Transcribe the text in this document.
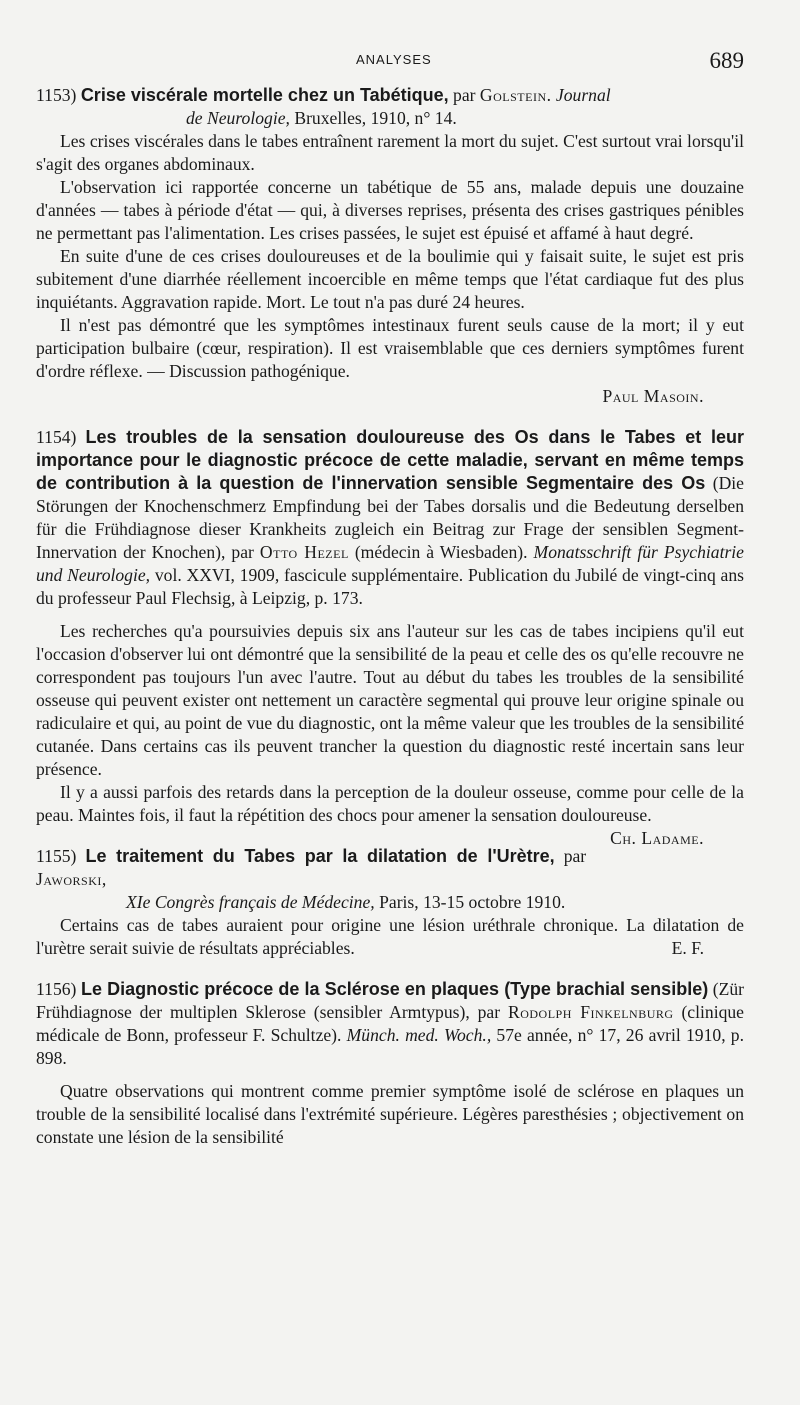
ANALYSES	689
1153) Crise viscérale mortelle chez un Tabétique, par Golstein. Journal
de Neurologie, Bruxelles, 1910, n° 14.

Les crises viscérales dans le tabes entraînent rarement la mort du sujet. C'est surtout vrai lorsqu'il s'agit des organes abdominaux.

L'observation ici rapportée concerne un tabétique de 55 ans, malade depuis une douzaine d'années — tabes à période d'état — qui, à diverses reprises, présenta des crises gastriques pénibles ne permettant pas l'alimentation. Les crises passées, le sujet est épuisé et affamé à haut degré.

En suite d'une de ces crises douloureuses et de la boulimie qui y faisait suite, le sujet est pris subitement d'une diarrhée réellement incoercible en même temps que l'état cardiaque fut des plus inquiétants. Aggravation rapide. Mort. Le tout n'a pas duré 24 heures.

Il n'est pas démontré que les symptômes intestinaux furent seuls cause de la mort; il y eut participation bulbaire (cœur, respiration). Il est vraisemblable que ces derniers symptômes furent d'ordre réflexe. — Discussion pathogénique.

Paul Masoin.
1154) Les troubles de la sensation douloureuse des Os dans le Tabes et leur importance pour le diagnostic précoce de cette maladie, servant en même temps de contribution à la question de l'innervation sensible Segmentaire des Os (Die Störungen der Knochenschmerz Empfindung bei der Tabes dorsalis und die Bedeutung derselben für die Frühdiagnose dieser Krankheits zugleich ein Beitrag zur Frage der sensiblen Segment-Innervation der Knochen), par Otto Hezel (médecin à Wiesbaden). Monatsschrift für Psychiatrie und Neurologie, vol. XXVI, 1909, fascicule supplémentaire. Publication du Jubilé de vingt-cinq ans du professeur Paul Flechsig, à Leipzig, p. 173.

Les recherches qu'a poursuivies depuis six ans l'auteur sur les cas de tabes incipiens qu'il eut l'occasion d'observer lui ont démontré que la sensibilité de la peau et celle des os qu'elle recouvre ne correspondent pas toujours l'un avec l'autre. Tout au début du tabes les troubles de la sensibilité osseuse qui peuvent exister ont nettement un caractère segmental qui prouve leur origine spinale ou radiculaire et qui, au point de vue du diagnostic, ont la même valeur que les troubles de la sensibilité cutanée. Dans certains cas ils peuvent trancher la question du diagnostic resté incertain sans leur présence.

Il y a aussi parfois des retards dans la perception de la douleur osseuse, comme pour celle de la peau. Maintes fois, il faut la répétition des chocs pour amener la sensation douloureuse.
Ch. Ladame.

1155) Le traitement du Tabes par la dilatation de l'Urètre, par Jaworski,
XIe Congrès français de Médecine, Paris, 13-15 octobre 1910.

Certains cas de tabes auraient pour origine une lésion uréthrale chronique. La dilatation de l'urètre serait suivie de résultats appréciables.	E. F.

1156) Le Diagnostic précoce de la Sclérose en plaques (Type brachial sensible) (Zür Frühdiagnose der multiplen Sklerose (sensibler Armtypus), par Rodolph Finkelnburg (clinique médicale de Bonn, professeur F. Schultze). Münch. med. Woch., 57e année, n° 17, 26 avril 1910, p. 898.

Quatre observations qui montrent comme premier symptôme isolé de sclérose en plaques un trouble de la sensibilité localisé dans l'extrémité supérieure. Légères paresthésies ; objectivement on constate une lésion de la sensibilité
